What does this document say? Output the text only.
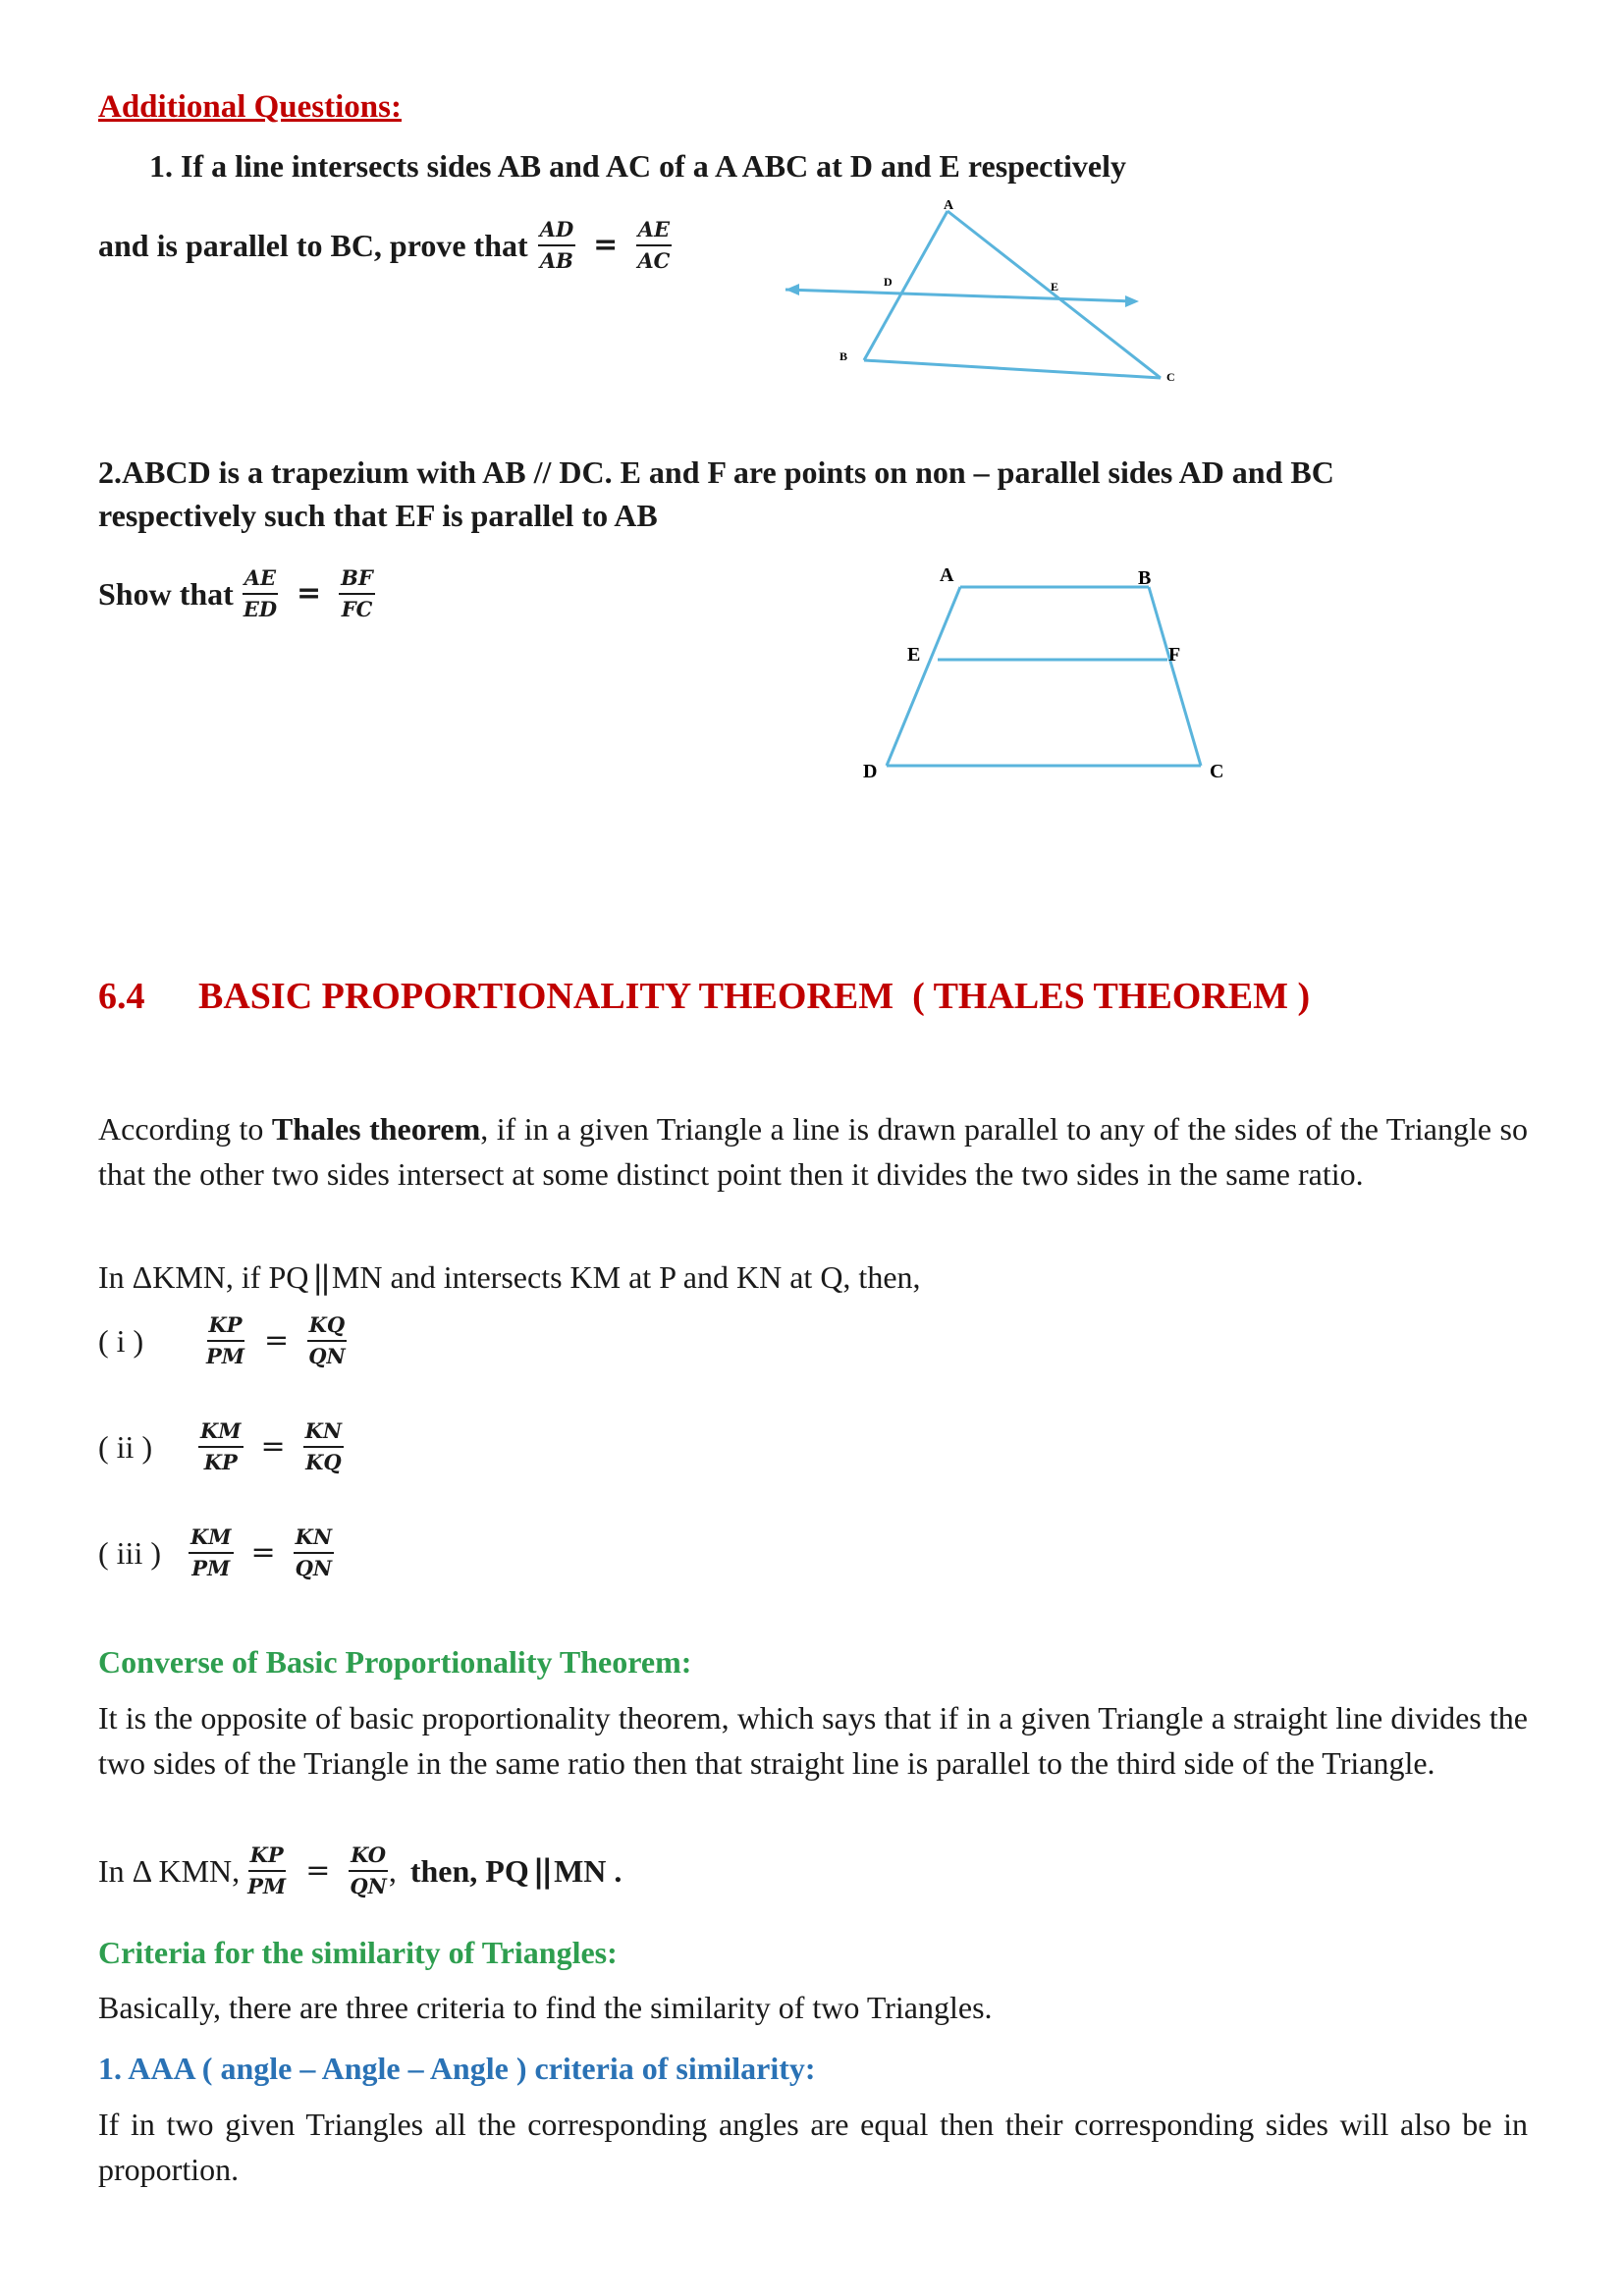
Additional Questions:
1. If a line intersects sides AB and AC of a A ABC at D and E respectively
and is parallel to BC, prove that $\frac{AD}{AB} = \frac{AE}{AC}$
A
B
C
D	E
2.ABCD is a trapezium with AB // DC. E and F are points on non – parallel sides AD and BC
respectively such that EF is parallel to AB
Show that $\frac{AE}{ED} = \frac{BF}{FC}$	A	B
C
D
E	F
6.4 BASIC PROPORTIONALITY THEOREM  ( THALES THEOREM )
According to Thales theorem, if in a given Triangle a line is drawn parallel to any of the sides of the Triangle so that the other two sides intersect at some distinct point then it divides the two sides in the same ratio.
In ΔKMN, if PQ || MN and intersects KM at P and KN at Q, then,
( i )	$\frac{KP}{PM} = \frac{KQ}{QN}$
( ii )	$\frac{KM}{KP} = \frac{KN}{KQ}$
( iii )	$\frac{KM}{PM} = \frac{KN}{QN}$
Converse of Basic Proportionality Theorem:
It is the opposite of basic proportionality theorem, which says that if in a given Triangle a straight line divides the two sides of the Triangle in the same ratio then that straight line is parallel to the third side of the Triangle.
In Δ KMN, $\frac{KP}{PM} = \frac{KO}{QN}$ , then, PQ || MN .
Criteria for the similarity of Triangles:
Basically, there are three criteria to find the similarity of two Triangles.
1. AAA ( angle – Angle – Angle ) criteria of similarity:
If in two given Triangles all the corresponding angles are equal then their corresponding sides will also be in proportion.
